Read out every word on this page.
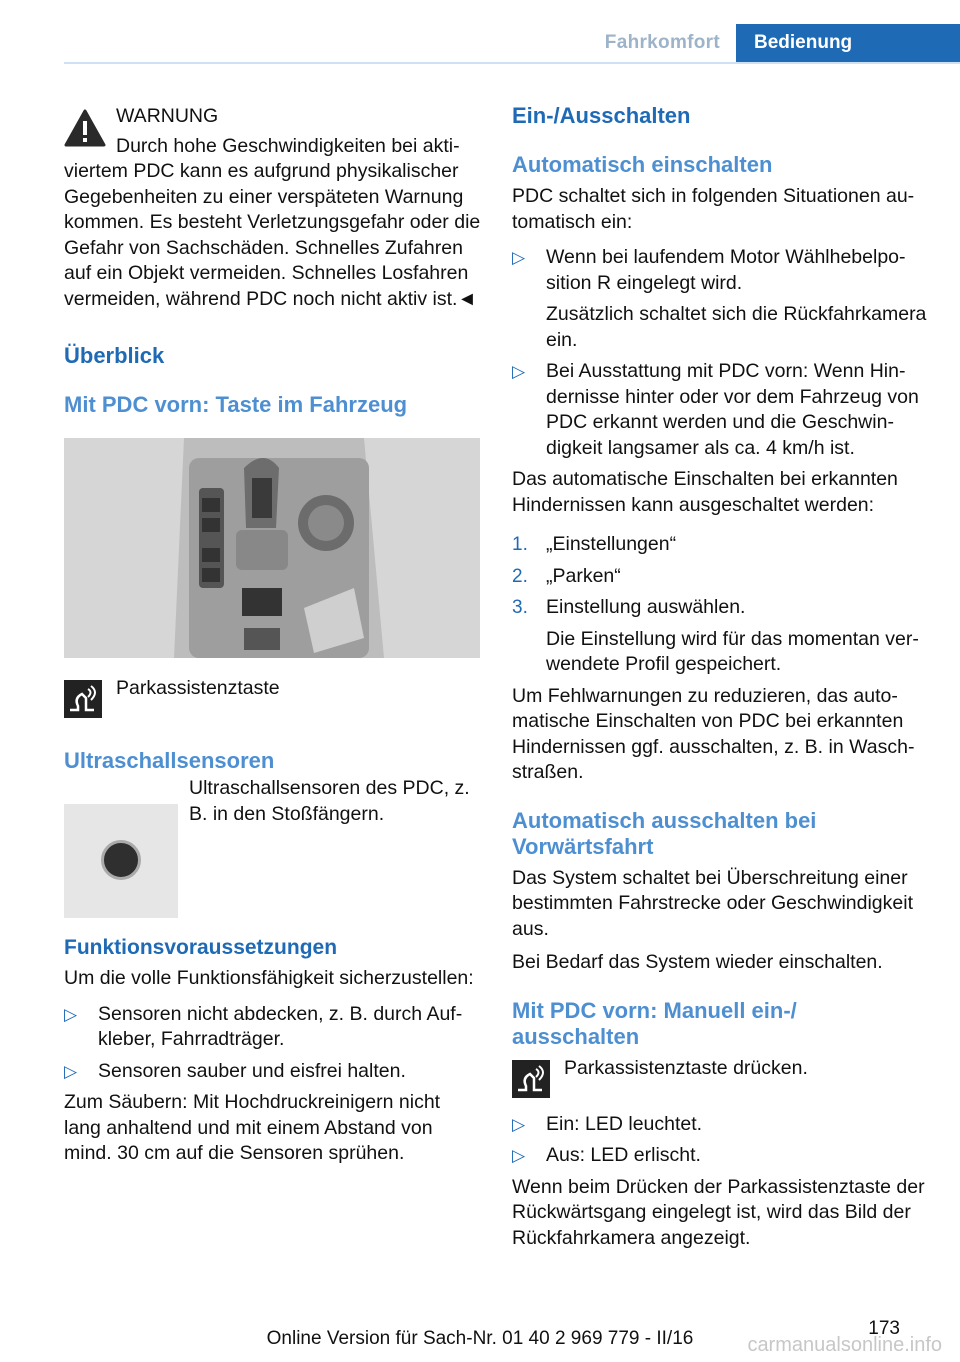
Fahrkomfort	Bedienung

WARNUNG

Durch hohe Geschwindigkeiten bei aktiviertem PDC kann es aufgrund physikalischer Gegebenheiten zu einer verspäteten Warnung kommen. Es besteht Verletzungsgefahr oder die Gefahr von Sachschäden. Schnelles Zufahren auf ein Objekt vermeiden. Schnelles Losfahren vermeiden, während PDC noch nicht aktiv ist.◄

Überblick
Mit PDC vorn: Taste im Fahrzeug

Parkassistenztaste

Ultraschallsensoren

Ultraschallsensoren des PDC, z. B. in den Stoßfängern.

Funktionsvoraussetzungen

Um die volle Funktionsfähigkeit sicherzustellen:

▷ Sensoren nicht abdecken, z. B. durch Aufkleber, Fahrradträger.

▷ Sensoren sauber und eisfrei halten.

Zum Säubern: Mit Hochdruckreinigern nicht lang anhaltend und mit einem Abstand von mind. 30 cm auf die Sensoren sprühen.

Ein-/Ausschalten
Automatisch einschalten

PDC schaltet sich in folgenden Situationen automatisch ein:

▷ Wenn bei laufendem Motor Wählhebelposition R eingelegt wird.

Zusätzlich schaltet sich die Rückfahrkamera ein.

▷ Bei Ausstattung mit PDC vorn: Wenn Hindernisse hinter oder vor dem Fahrzeug von PDC erkannt werden und die Geschwindigkeit langsamer als ca. 4 km/h ist.

Das automatische Einschalten bei erkannten Hindernissen kann ausgeschaltet werden:

1. „Einstellungen“

2. „Parken“

3. Einstellung auswählen.

Die Einstellung wird für das momentan verwendete Profil gespeichert.

Um Fehlwarnungen zu reduzieren, das automatische Einschalten von PDC bei erkannten Hindernissen ggf. ausschalten, z. B. in Waschstraßen.

Automatisch ausschalten bei Vorwärtsfahrt

Das System schaltet bei Überschreitung einer bestimmten Fahrstrecke oder Geschwindigkeit aus.

Bei Bedarf das System wieder einschalten.

Mit PDC vorn: Manuell ein-/ ausschalten

Parkassistenztaste drücken.

▷ Ein: LED leuchtet.

▷ Aus: LED erlischt.

Wenn beim Drücken der Parkassistenztaste der Rückwärtsgang eingelegt ist, wird das Bild der Rückfahrkamera angezeigt.

173
Online Version für Sach-Nr. 01 40 2 969 779 - II/16	carmanualsonline.info
